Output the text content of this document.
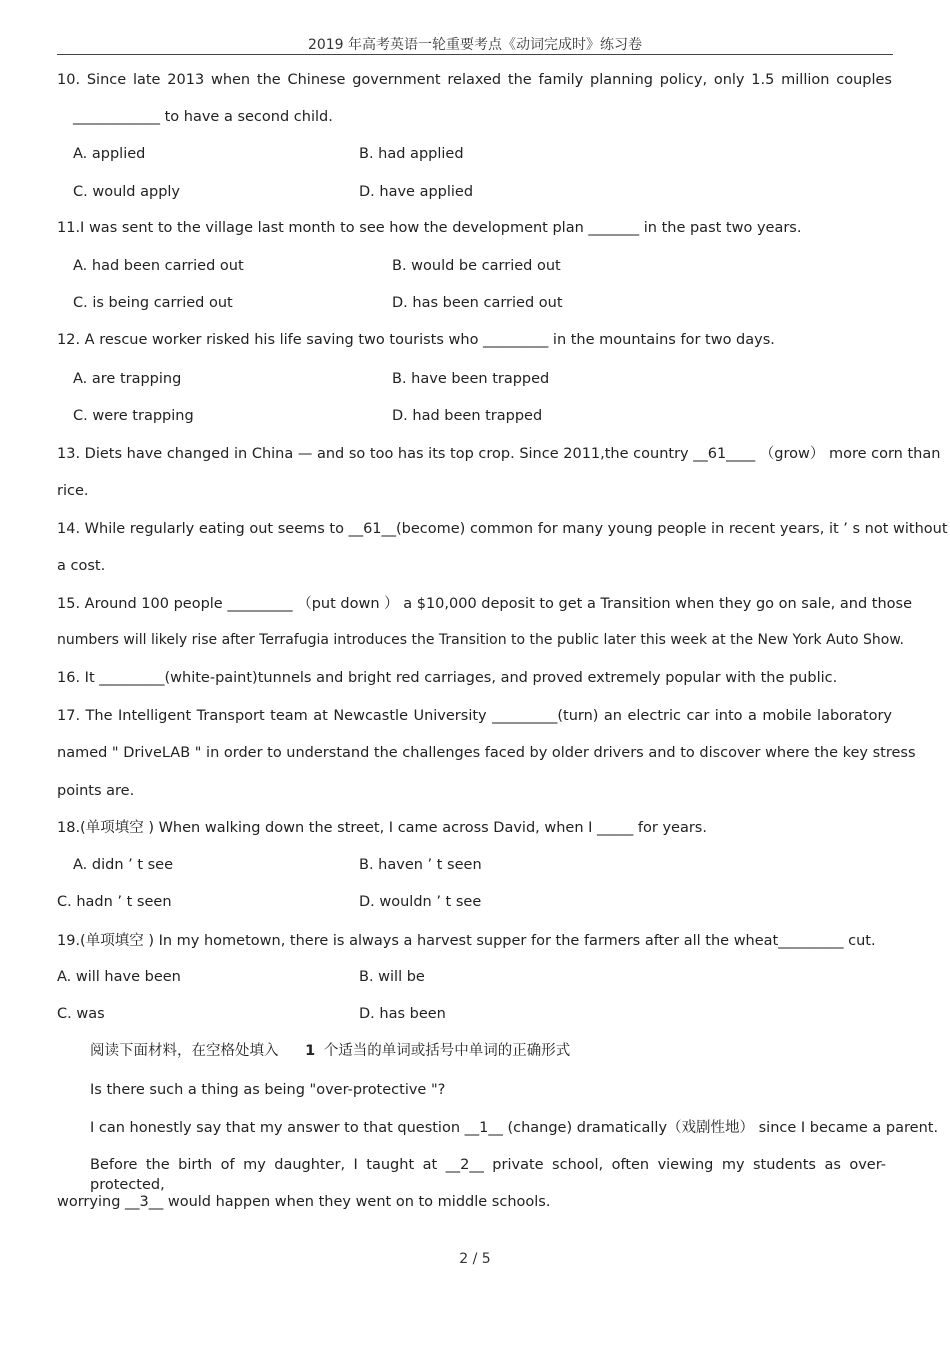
2019 年高考英语一轮重要考点《动词完成时》练习卷
10. Since late 2013 when the Chinese government relaxed the family planning policy, only 1.5 million couples
____________ to have a second child.
A. applied	B. had applied
C. would apply	D. have applied
11.I was sent to the village last month to see how the development plan _______ in the past two years.
A. had been carried out	B. would be carried out
C. is being carried out	D. has been carried out
12. A rescue worker risked his life saving two tourists who _________ in the mountains for two days.
A. are trapping	B. have been trapped
C. were trapping	D. had been trapped
13. Diets have changed in China — and so too has its top crop. Since 2011,the country __61____ （grow） more corn than
rice.
14. While regularly eating out seems to __61__(become) common for many young people in recent years, it ’ s not without
a cost.
15. Around 100 people _________ （put down ） a $10,000 deposit to get a Transition when they go on sale, and those
numbers will likely rise after Terrafugia introduces the Transition to the public later this week at the New York Auto Show.
16. It _________(white-paint)tunnels and bright red carriages, and proved extremely popular with the public.
17. The Intelligent Transport team at Newcastle University _________(turn) an electric car into a mobile laboratory
named " DriveLAB " in order to understand the challenges faced by older drivers and to discover where the key stress
points are.
18.(单项填空 ) When walking down the street, I came across David, when I _____ for years.
A. didn ’ t see	B. haven ’ t seen
C. hadn ’ t seen	D. wouldn ’ t see
19.(单项填空 ) In my hometown, there is always a harvest supper for the farmers after all the wheat_________ cut.
A. will have been	B. will be
C. was	D. has been
阅读下面材料，在空格处填入 1 个适当的单词或括号中单词的正确形式
Is there such a thing as being "over-protective "?
I can honestly say that my answer to that question __1__ (change) dramatically（戏剧性地） since I became a parent.
Before the birth of my daughter, I taught at __2__ private school, often viewing my students as over-protected,
worrying __3__ would happen when they went on to middle schools.
2 / 5
